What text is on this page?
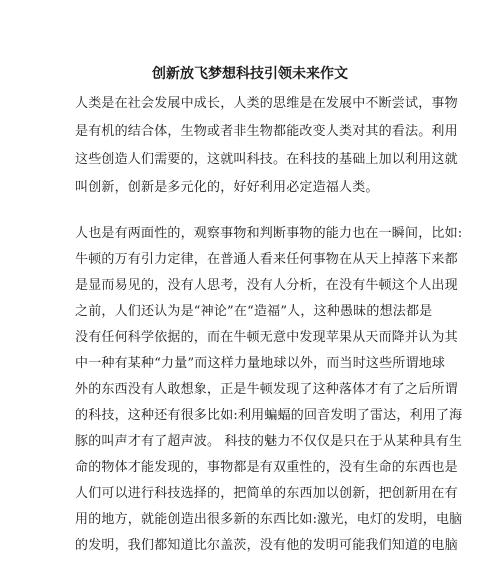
创新放飞梦想科技引领未来作文
人类是在社会发展中成长，人类的思维是在发展中不断尝试，事物
是有机的结合体，生物或者非生物都能改变人类对其的看法。利用
这些创造人们需要的，这就叫科技。在科技的基础上加以利用这就
叫创新，创新是多元化的，好好利用必定造福人类。
人也是有两面性的，观察事物和判断事物的能力也在一瞬间，比如:
牛顿的万有引力定律，在普通人看来任何事物在从天上掉落下来都
是显而易见的，没有人思考，没有人分析，在没有牛顿这个人出现
之前，人们还认为是“神论”在“造福”人，这种愚昧的想法都是
没有任何科学依据的，而在牛顿无意中发现苹果从天而降并认为其
中一种有某种“力量”而这样力量地球以外，而当时这些所谓地球
外的东西没有人敢想象，正是牛顿发现了这种落体才有了之后所谓
的科技，这种还有很多比如:利用蝙蝠的回音发明了雷达，利用了海
豚的叫声才有了超声波。 科技的魅力不仅仅是只在于从某种具有生
命的物体才能发现的，事物都是有双重性的，没有生命的东西也是
人们可以进行科技选择的，把简单的东西加以创新，把创新用在有
用的地方，就能创造出很多新的东西比如:激光，电灯的发明，电脑
的发明，我们都知道比尔盖茨，没有他的发明可能我们知道的电脑
